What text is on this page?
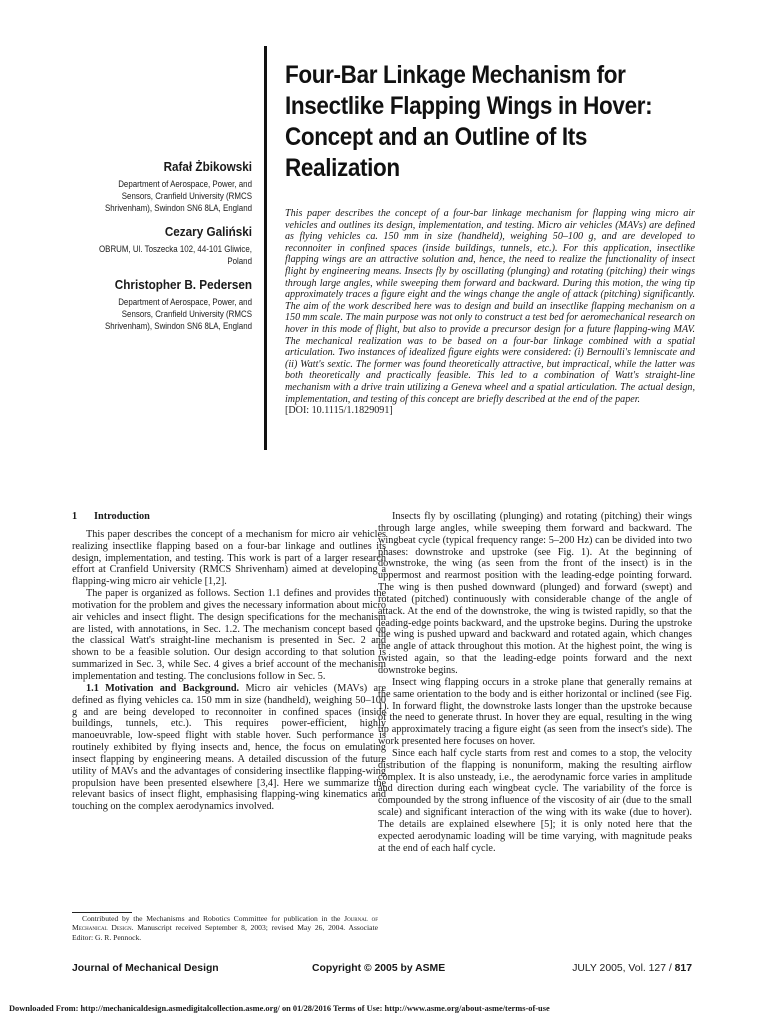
Four-Bar Linkage Mechanism for Insectlike Flapping Wings in Hover: Concept and an Outline of Its Realization
Rafał Żbikowski
Department of Aerospace, Power, and Sensors, Cranfield University (RMCS Shrivenham), Swindon SN6 8LA, England
Cezary Galiński
OBRUM, Ul. Toszecka 102, 44-101 Gliwice, Poland
Christopher B. Pedersen
Department of Aerospace, Power, and Sensors, Cranfield University (RMCS Shrivenham), Swindon SN6 8LA, England
This paper describes the concept of a four-bar linkage mechanism for flapping wing micro air vehicles and outlines its design, implementation, and testing. Micro air vehicles (MAVs) are defined as flying vehicles ca. 150 mm in size (handheld), weighing 50–100 g, and are developed to reconnoiter in confined spaces (inside buildings, tunnels, etc.). For this application, insectlike flapping wings are an attractive solution and, hence, the need to realize the functionality of insect flight by engineering means. Insects fly by oscillating (plunging) and rotating (pitching) their wings through large angles, while sweeping them forward and backward. During this motion, the wing tip approximately traces a figure eight and the wings change the angle of attack (pitching) significantly. The aim of the work described here was to design and build an insectlike flapping mechanism on a 150 mm scale. The main purpose was not only to construct a test bed for aeromechanical research on hover in this mode of flight, but also to provide a precursor design for a future flapping-wing MAV. The mechanical realization was to be based on a four-bar linkage combined with a spatial articulation. Two instances of idealized figure eights were considered: (i) Bernoulli's lemniscate and (ii) Watt's sextic. The former was found theoretically attractive, but impractical, while the latter was both theoretically and practically feasible. This led to a combination of Watt's straight-line mechanism with a drive train utilizing a Geneva wheel and a spatial articulation. The actual design, implementation, and testing of this concept are briefly described at the end of the paper.
[DOI: 10.1115/1.1829091]
1 Introduction

This paper describes the concept of a mechanism for micro air vehicles realizing insectlike flapping based on a four-bar linkage and outlines its design, implementation, and testing. This work is part of a larger research effort at Cranfield University (RMCS Shrivenham) aimed at developing a flapping-wing micro air vehicle [1,2].

The paper is organized as follows. Section 1.1 defines and provides the motivation for the problem and gives the necessary information about micro air vehicles and insect flight. The design specifications for the mechanism are listed, with annotations, in Sec. 1.2. The mechanism concept based on the classical Watt's straight-line mechanism is presented in Sec. 2 and shown to be a feasible solution. Our design according to that solution is summarized in Sec. 3, while Sec. 4 gives a brief account of the mechanism implementation and testing. The conclusions follow in Sec. 5.

1.1 Motivation and Background. Micro air vehicles (MAVs) are defined as flying vehicles ca. 150 mm in size (handheld), weighing 50–100 g and are being developed to reconnoiter in confined spaces (inside buildings, tunnels, etc.). This requires power-efficient, highly manoeuvrable, low-speed flight with stable hover. Such performance is routinely exhibited by flying insects and, hence, the focus on emulating insect flapping by engineering means. A detailed discussion of the future utility of MAVs and the advantages of considering insectlike flapping-wing propulsion have been presented elsewhere [3,4]. Here we summarize the relevant basics of insect flight, emphasising flapping-wing kinematics and touching on the complex aerodynamics involved.

Insects fly by oscillating (plunging) and rotating (pitching) their wings through large angles, while sweeping them forward and backward. The wingbeat cycle (typical frequency range: 5–200 Hz) can be divided into two phases: downstroke and upstroke (see Fig. 1). At the beginning of downstroke, the wing (as seen from the front of the insect) is in the uppermost and rearmost position with the leading-edge pointing forward. The wing is then pushed downward (plunged) and forward (swept) and rotated (pitched) continuously with considerable change of the angle of attack. At the end of the downstroke, the wing is twisted rapidly, so that the leading-edge points backward, and the upstroke begins. During the upstroke the wing is pushed upward and backward and rotated again, which changes the angle of attack throughout this motion. At the highest point, the wing is twisted again, so that the leading-edge points forward and the next downstroke begins.

Insect wing flapping occurs in a stroke plane that generally remains at the same orientation to the body and is either horizontal or inclined (see Fig. 1). In forward flight, the downstroke lasts longer than the upstroke because of the need to generate thrust. In hover they are equal, resulting in the wing tip approximately tracing a figure eight (as seen from the insect's side). The work presented here focuses on hover.

Since each half cycle starts from rest and comes to a stop, the velocity distribution of the flapping is nonuniform, making the resulting airflow complex. It is also unsteady, i.e., the aerodynamic force varies in amplitude and direction during each wingbeat cycle. The variability of the force is compounded by the strong influence of the viscosity of air (due to the small scale) and significant interaction of the wing with its wake (due to hover). The details are explained elsewhere [5]; it is only noted here that the expected aerodynamic loading will be time varying, with magnitude peaks at the end of each half cycle.

Contributed by the Mechanisms and Robotics Committee for publication in the Journal of Mechanical Design. Manuscript received September 8, 2003; revised May 26, 2004. Associate Editor: G. R. Pennock.
Journal of Mechanical Design	Copyright © 2005 by ASME	JULY 2005, Vol. 127 / 817
Downloaded From: http://mechanicaldesign.asmedigitalcollection.asme.org/ on 01/28/2016 Terms of Use: http://www.asme.org/about-asme/terms-of-use
